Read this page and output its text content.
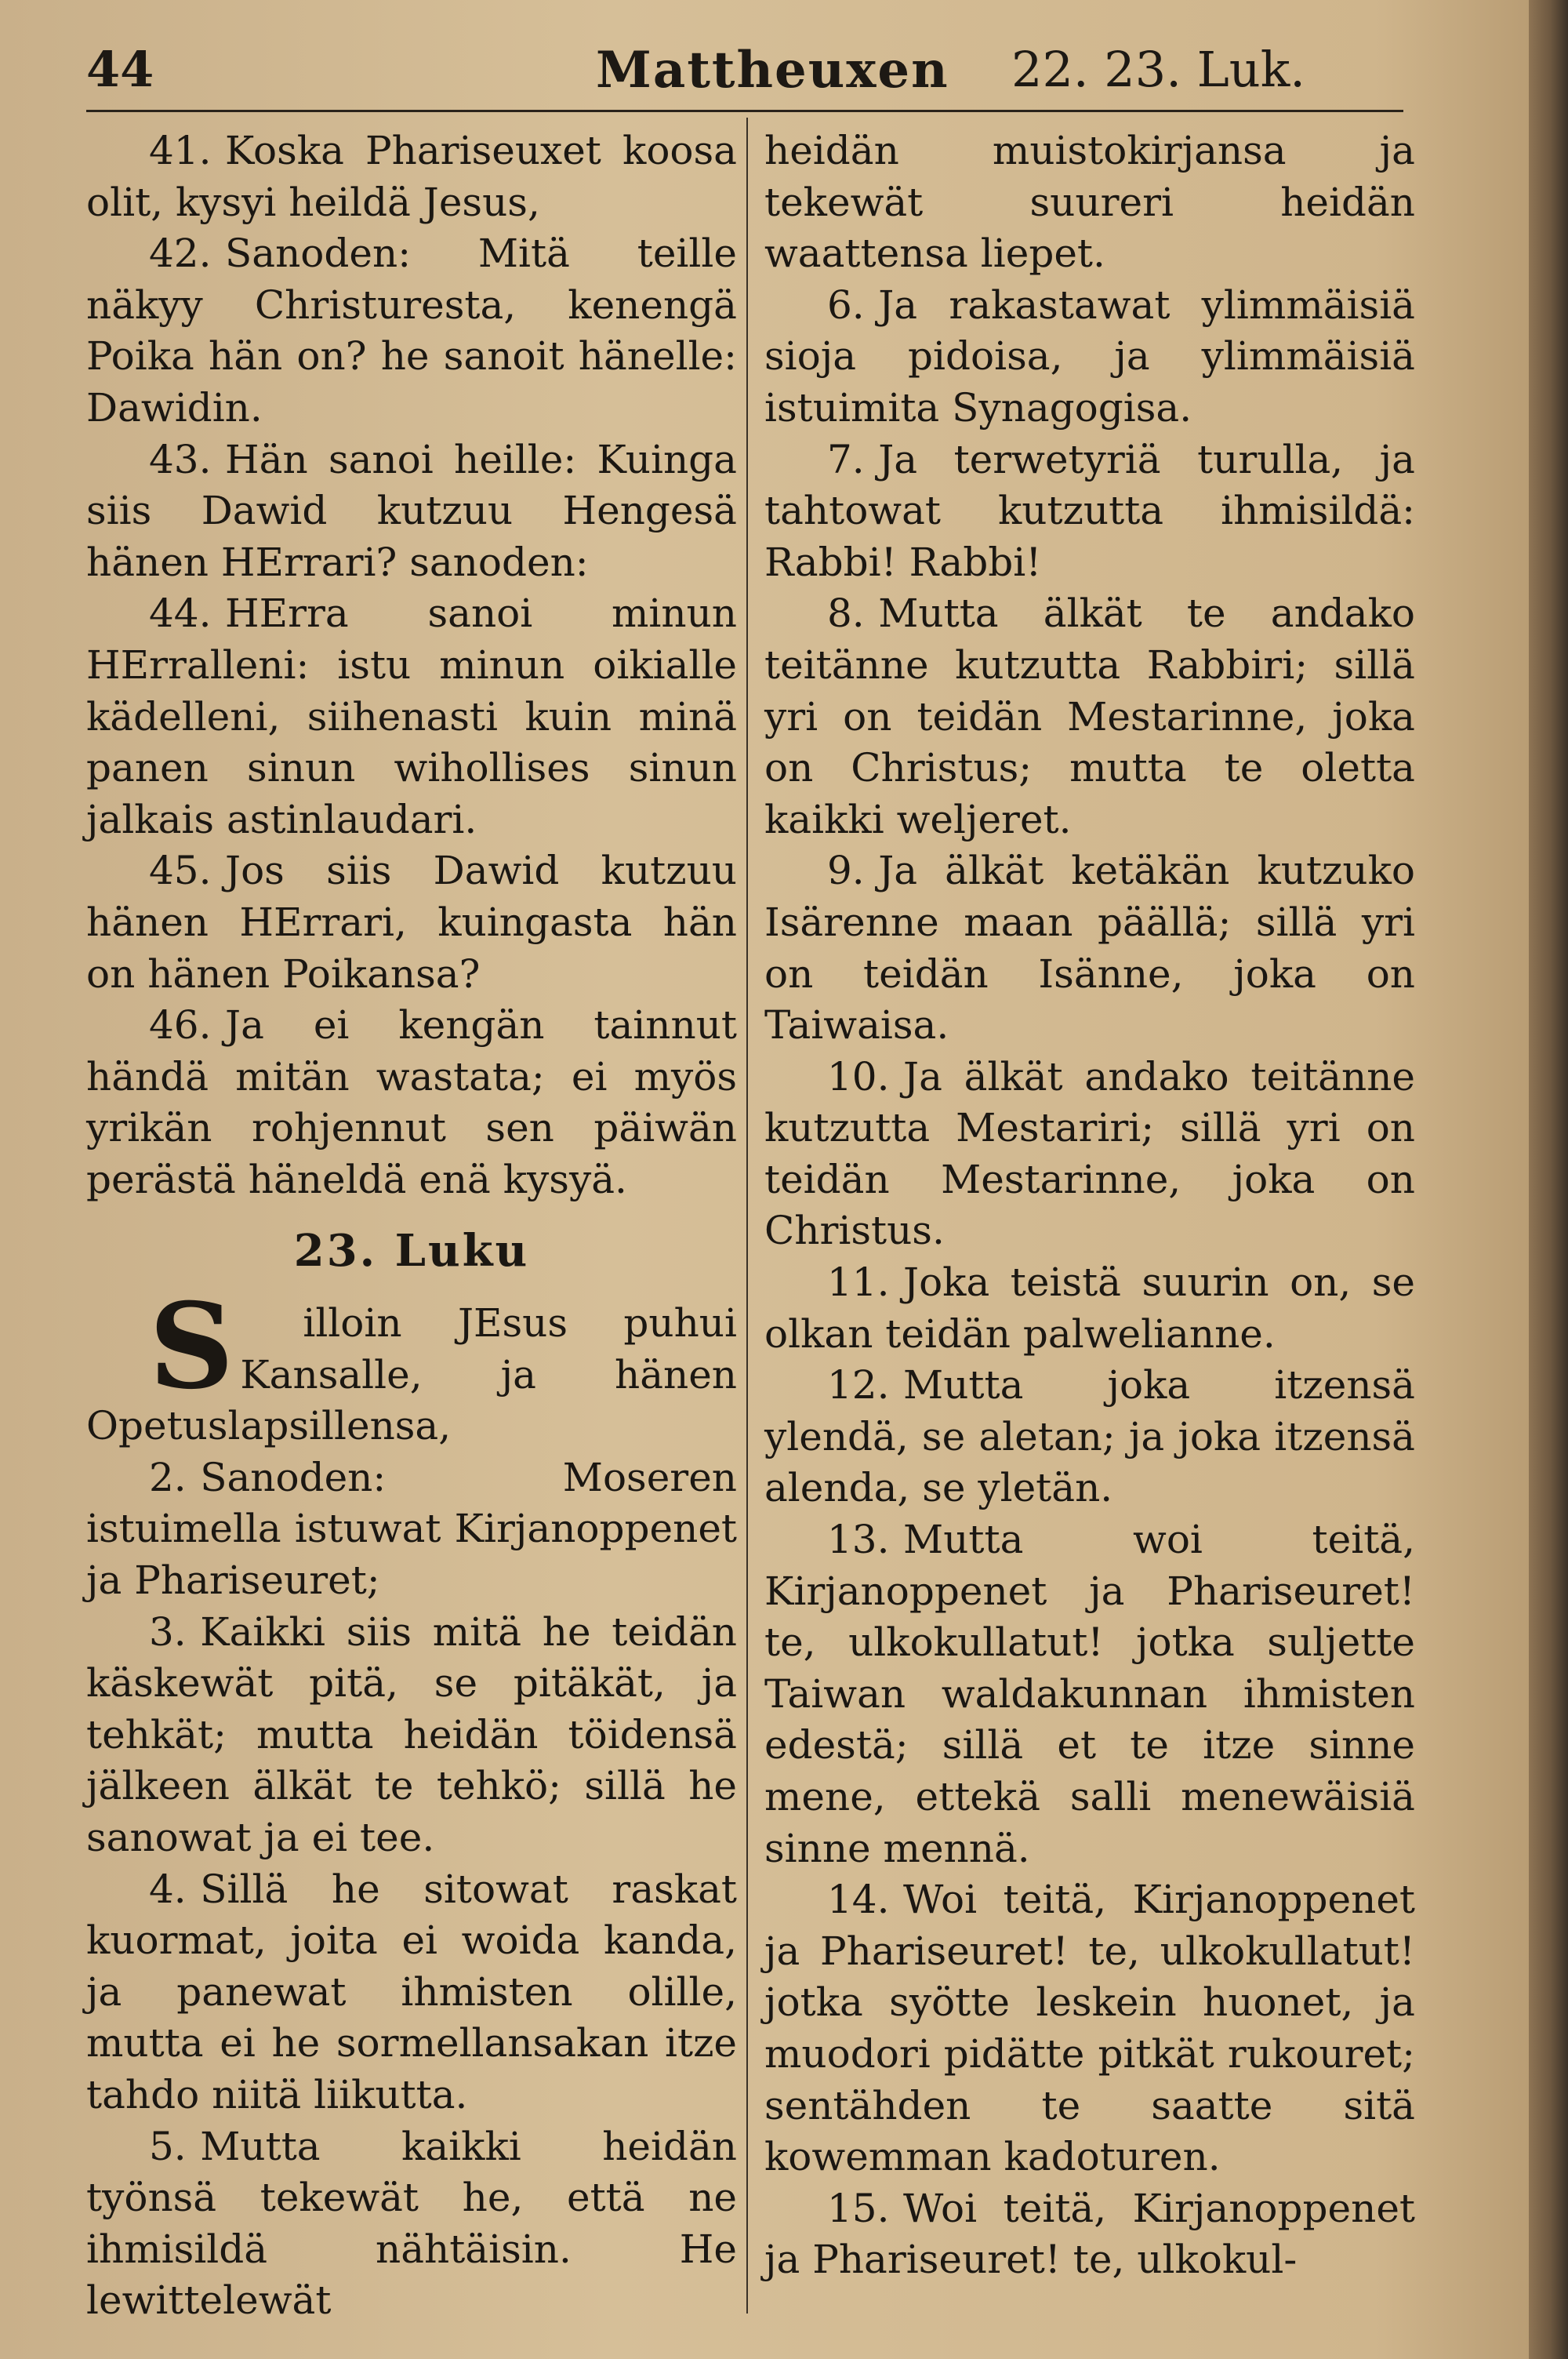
44	Mattheuxen 22. 23. Luk.

41. Koska Phariseuxet koosa olit, kysyi heildä Jesus,

42. Sanoden: Mitä teille näkyy Christuresta, kenengä Poika hän on? he sanoit hänelle: Dawidin.

43. Hän sanoi heille: Kuinga siis Dawid kutzuu Hengesä hänen HErrari? sanoden:

44. HErra sanoi minun HErralleni: istu minun oikialle kädelleni, siihenasti kuin minä panen sinun wihollises sinun jalkais astinlaudari.

45. Jos siis Dawid kutzuu hänen HErrari, kuingasta hän on hänen Poikansa?

46. Ja ei kengän tainnut händä mitän wastata; ei myös yrikän rohjennut sen päiwän perästä häneldä enä kysyä.

23. Luku

S illoin JEsus puhui Kansalle, ja hänen Opetuslapsillensa,

2. Sanoden: Moseren istuimella istuwat Kirjanoppenet ja Phariseuret;

3. Kaikki siis mitä he teidän käskewät pitä, se pitäkät, ja tehkät; mutta heidän töidensä jälkeen älkät te tehkö; sillä he sanowat ja ei tee.

4. Sillä he sitowat raskat kuormat, joita ei woida kanda, ja panewat ihmisten olille, mutta ei he sormellansakan itze tahdo niitä liikutta.

5. Mutta kaikki heidän työnsä tekewät he, että ne ihmisildä nähtäisin. He lewittelewät

heidän muistokirjansa ja tekewät suureri heidän waattensa liepet.

6. Ja rakastawat ylimmäisiä sioja pidoisa, ja ylimmäisiä istuimita Synagogisa.

7. Ja terwetyriä turulla, ja tahtowat kutzutta ihmisildä: Rabbi! Rabbi!

8. Mutta älkät te andako teitänne kutzutta Rabbiri; sillä yri on teidän Mestarinne, joka on Christus; mutta te oletta kaikki weljeret.

9. Ja älkät ketäkän kutzuko Isärenne maan päällä; sillä yri on teidän Isänne, joka on Taiwaisa.

10. Ja älkät andako teitänne kutzutta Mestariri; sillä yri on teidän Mestarinne, joka on Christus.

11. Joka teistä suurin on, se olkan teidän palwelianne.

12. Mutta joka itzensä ylendä, se aletan; ja joka itzensä alenda, se yletän.

13. Mutta woi teitä, Kirjanoppenet ja Phariseuret! te, ulkokullatut! jotka suljette Taiwan waldakunnan ihmisten edestä; sillä et te itze sinne mene, ettekä salli menewäisiä sinne mennä.

14. Woi teitä, Kirjanoppenet ja Phariseuret! te, ulkokullatut! jotka syötte leskein huonet, ja muodori pidätte pitkät rukouret; sentähden te saatte sitä kowemman kadoturen.

15. Woi teitä, Kirjanoppenet ja Phariseuret! te, ulkokul-
